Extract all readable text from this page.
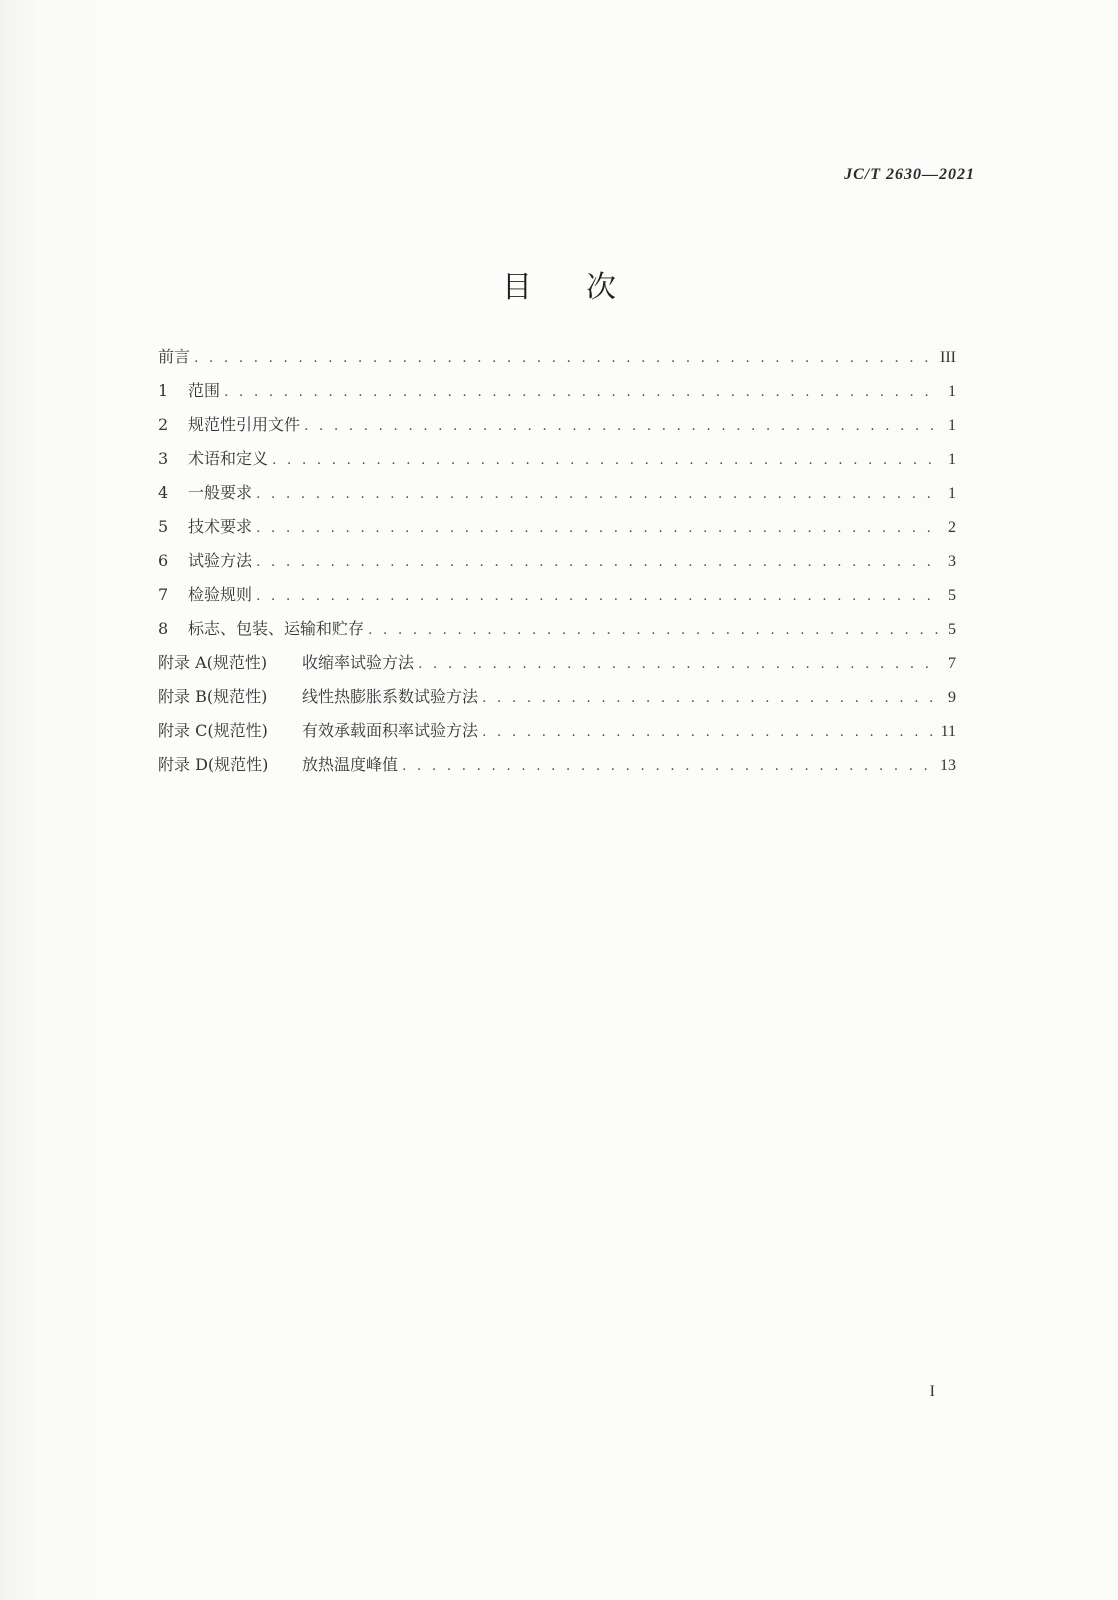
JC/T 2630—2021
目次
前言 . . .	III
1	范围 . . .	1
2	规范性引用文件 . . .	1
3	术语和定义 . . .	1
4	一般要求 . . .	1
5	技术要求 . . .	2
6	试验方法 . . .	3
7	检验规则 . . .	5
8	标志、包装、运输和贮存 . . .	5
附录 A(规范性)	收缩率试验方法 . . .	7
附录 B(规范性)	线性热膨胀系数试验方法 . . .	9
附录 C(规范性)	有效承载面积率试验方法 . . .	11
附录 D(规范性)	放热温度峰值 . . .	13
I
